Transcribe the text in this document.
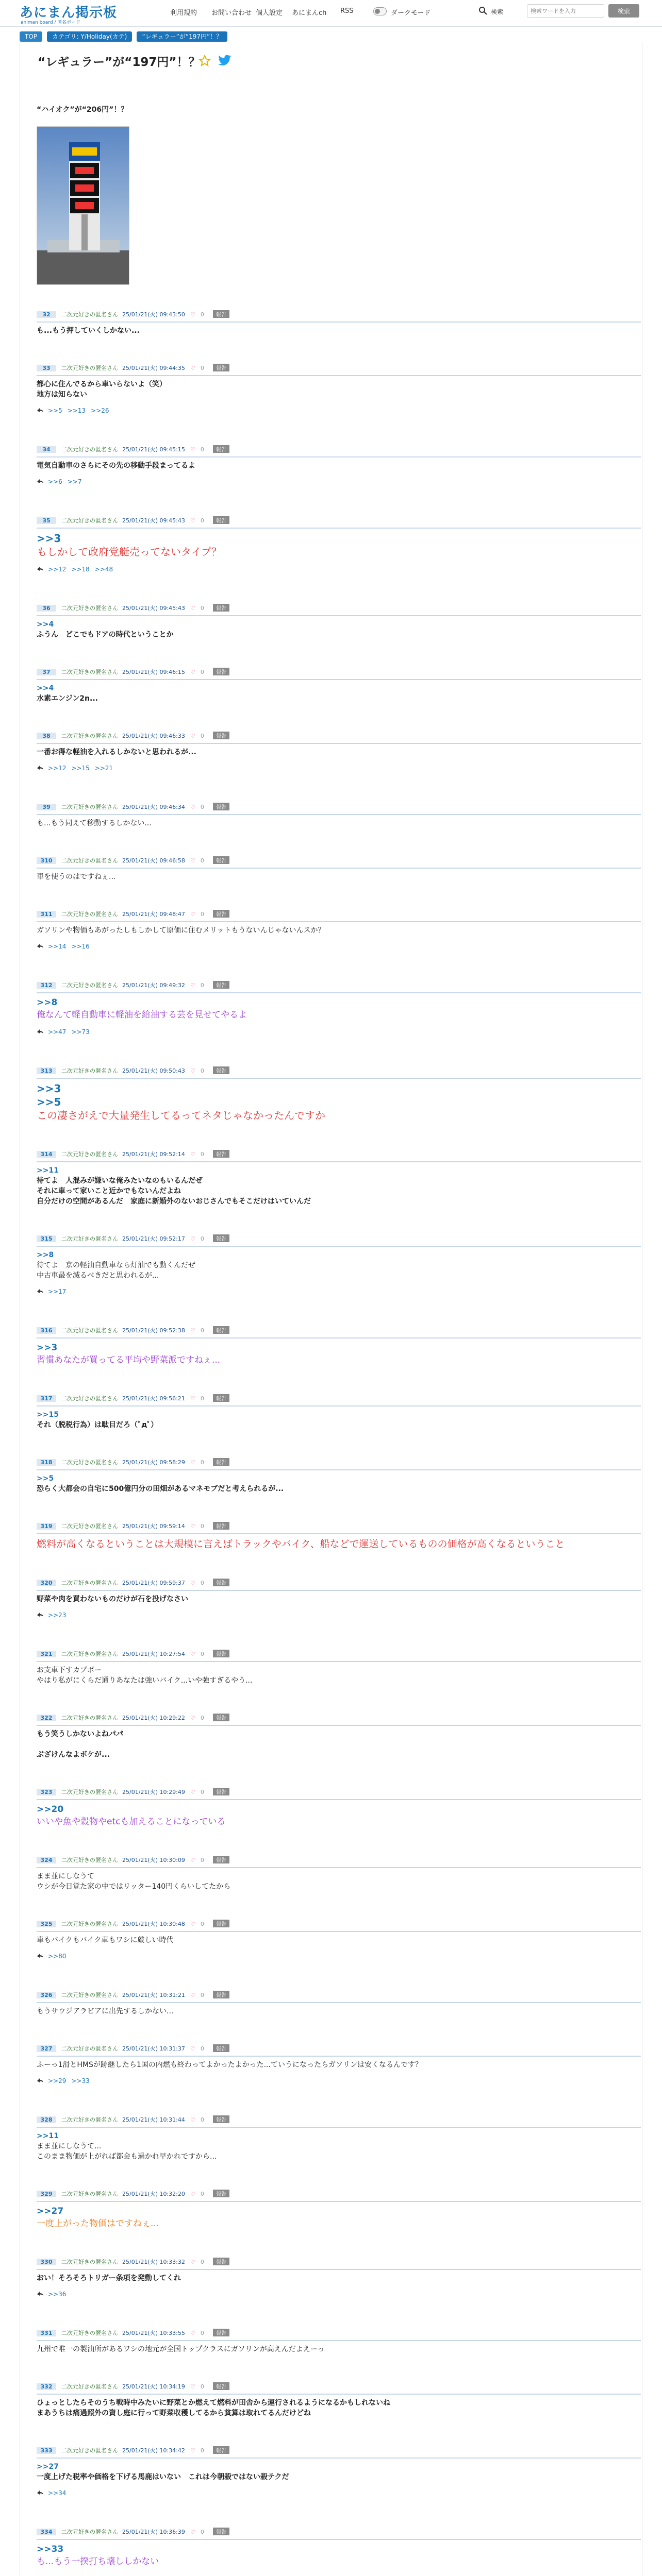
あにまん掲示板
animan board / 匿名ボード
利用規約 お問い合わせ 個人設定 あにまんch RSS	ダークモード	検索
検索ワードを入力	検索
TOP カテゴリ: Y/Holiday(カテ) “レギュラー”が“197円”！？
“レギュラー”が“197円”！？
“ハイオク”が“206円”！？
32 二次元好きの匿名さん 25/01/21(火) 09:43:50 ♡ 0 報告
も...もう押していくしかない...
33 二次元好きの匿名さん 25/01/21(火) 09:44:35 ♡ 0 報告
都心に住んでるから車いらないよ（笑）
地方は知らない
>>5 >>13 >>26
34 二次元好きの匿名さん 25/01/21(火) 09:45:15 ♡ 0 報告
電気自動車のさらにその先の移動手段まってるよ
>>6 >>7
35 二次元好きの匿名さん 25/01/21(火) 09:45:43 ♡ 0 報告
>>3
もしかして政府党艇売ってないタイプ？
>>12 >>18 >>48
36 二次元好きの匿名さん 25/01/21(火) 09:45:43 ♡ 0 報告
>>4
ふうん　どこでもドアの時代ということか
37 二次元好きの匿名さん 25/01/21(火) 09:46:15 ♡ 0 報告
>>4
水素エンジン2n...
38 二次元好きの匿名さん 25/01/21(火) 09:46:33 ♡ 0 報告
一番お得な軽油を入れるしかないと思われるが...
>>12 >>15 >>21
39 二次元好きの匿名さん 25/01/21(火) 09:46:34 ♡ 0 報告
も...もう同えて移動するしかない...
310 二次元好きの匿名さん 25/01/21(火) 09:46:58 ♡ 0 報告
車を使うのはですねぇ...
311 二次元好きの匿名さん 25/01/21(火) 09:48:47 ♡ 0 報告
ガソリンや物価もあがったしもしかして原価に住むメリットもうないんじゃないんスか？
>>14 >>16
312 二次元好きの匿名さん 25/01/21(火) 09:49:32 ♡ 0 報告
>>8
俺なんて軽自動車に軽油を給油する芸を見せてやるよ
>>47 >>73
313 二次元好きの匿名さん 25/01/21(火) 09:50:43 ♡ 0 報告
>>3
>>5
この凄さがえで大量発生してるってネタじゃなかったんですか
314 二次元好きの匿名さん 25/01/21(火) 09:52:14 ♡ 0 報告
>>11
待てよ　人混みが嫌いな俺みたいなのもいるんだぜ
それに車って家いこと近かでもないんだよね
自分だけの空間があるんだ　家庭に新婚外のないおじさんでもそこだけはいていんだ
315 二次元好きの匿名さん 25/01/21(火) 09:52:17 ♡ 0 報告
>>8
待てよ　京の軽油自動車なら灯油でも動くんだぜ
中古車最を滅るべきだと思われるが...
>>17
316 二次元好きの匿名さん 25/01/21(火) 09:52:38 ♡ 0 報告
>>3
習慣あなたが買ってる平均や野菜派ですねぇ...
317 二次元好きの匿名さん 25/01/21(火) 09:56:21 ♡ 0 報告
>>15
それ（脱税行為）は駄目だろ（ﾟдﾟ）
318 二次元好きの匿名さん 25/01/21(火) 09:58:29 ♡ 0 報告
>>5
恐らく大都会の自宅に500億円分の田畑があるマネモブだと考えられるが...
319 二次元好きの匿名さん 25/01/21(火) 09:59:14 ♡ 0 報告
燃料が高くなるということは大規模に言えばトラックやバイク、船などで運送しているものの価格が高くなるということ
320 二次元好きの匿名さん 25/01/21(火) 09:59:37 ♡ 0 報告
野菜や肉を買わないものだけが石を投げなさい
>>23
321 二次元好きの匿名さん 25/01/21(火) 10:27:54 ♡ 0 報告
お支車下すカブボー
やはり私がにくらだ通りあなたは強いバイク...いや強すぎるやう...
322 二次元好きの匿名さん 25/01/21(火) 10:29:22 ♡ 0 報告
もう笑うしかないよねパパ
ぶざけんなよボケが...
323 二次元好きの匿名さん 25/01/21(火) 10:29:49 ♡ 0 報告
>>20
いいや魚や穀物やetcも加えることになっている
324 二次元好きの匿名さん 25/01/21(火) 10:30:09 ♡ 0 報告
まま並にしなうて
ウシが今日覚た家の中ではリッター140円くらいしてたから
325 二次元好きの匿名さん 25/01/21(火) 10:30:48 ♡ 0 報告
車もバイクもバイク車もワシに厳しい時代
>>80
326 二次元好きの匿名さん 25/01/21(火) 10:31:21 ♡ 0 報告
もうサウジアラビアに出先するしかない...
327 二次元好きの匿名さん 25/01/21(火) 10:31:37 ♡ 0 報告
ふーっ1滑とHMSが跡継したら1国の内燃も終わってよかったよかった...ていうになったらガソリンは安くなるんです？
>>29 >>33
328 二次元好きの匿名さん 25/01/21(火) 10:31:44 ♡ 0 報告
>>11
まま並にしなうて...
このまま物価が上がれば都会も過かれ早かれですから...
329 二次元好きの匿名さん 25/01/21(火) 10:32:20 ♡ 0 報告
>>27
一度上がった物価はですねぇ...
330 二次元好きの匿名さん 25/01/21(火) 10:33:32 ♡ 0 報告
おい！そろそろトリガー条項を発動してくれ
>>36
331 二次元好きの匿名さん 25/01/21(火) 10:33:55 ♡ 0 報告
九州で唯一の製油所があるワシの地元が全国トップクラスにガソリンが高えんだよえーっ
332 二次元好きの匿名さん 25/01/21(火) 10:34:19 ♡ 0 報告
ひょっとしたらそのうち戦時中みたいに野菜とか燃えて燃料が田舎から運行されるようになるかもしれないね
まあうちは痛過照外の資し庭に行って野菜収穫してるから貧算は取れてるんだけどね
333 二次元好きの匿名さん 25/01/21(火) 10:34:42 ♡ 0 報告
>>27
一度上げた税率や価格を下げる馬鹿はいない　これは今朝殺ではない殺テクだ
>>34
334 二次元好きの匿名さん 25/01/21(火) 10:36:39 ♡ 0 報告
>>33
も...もう一揆打ち壊ししかない
